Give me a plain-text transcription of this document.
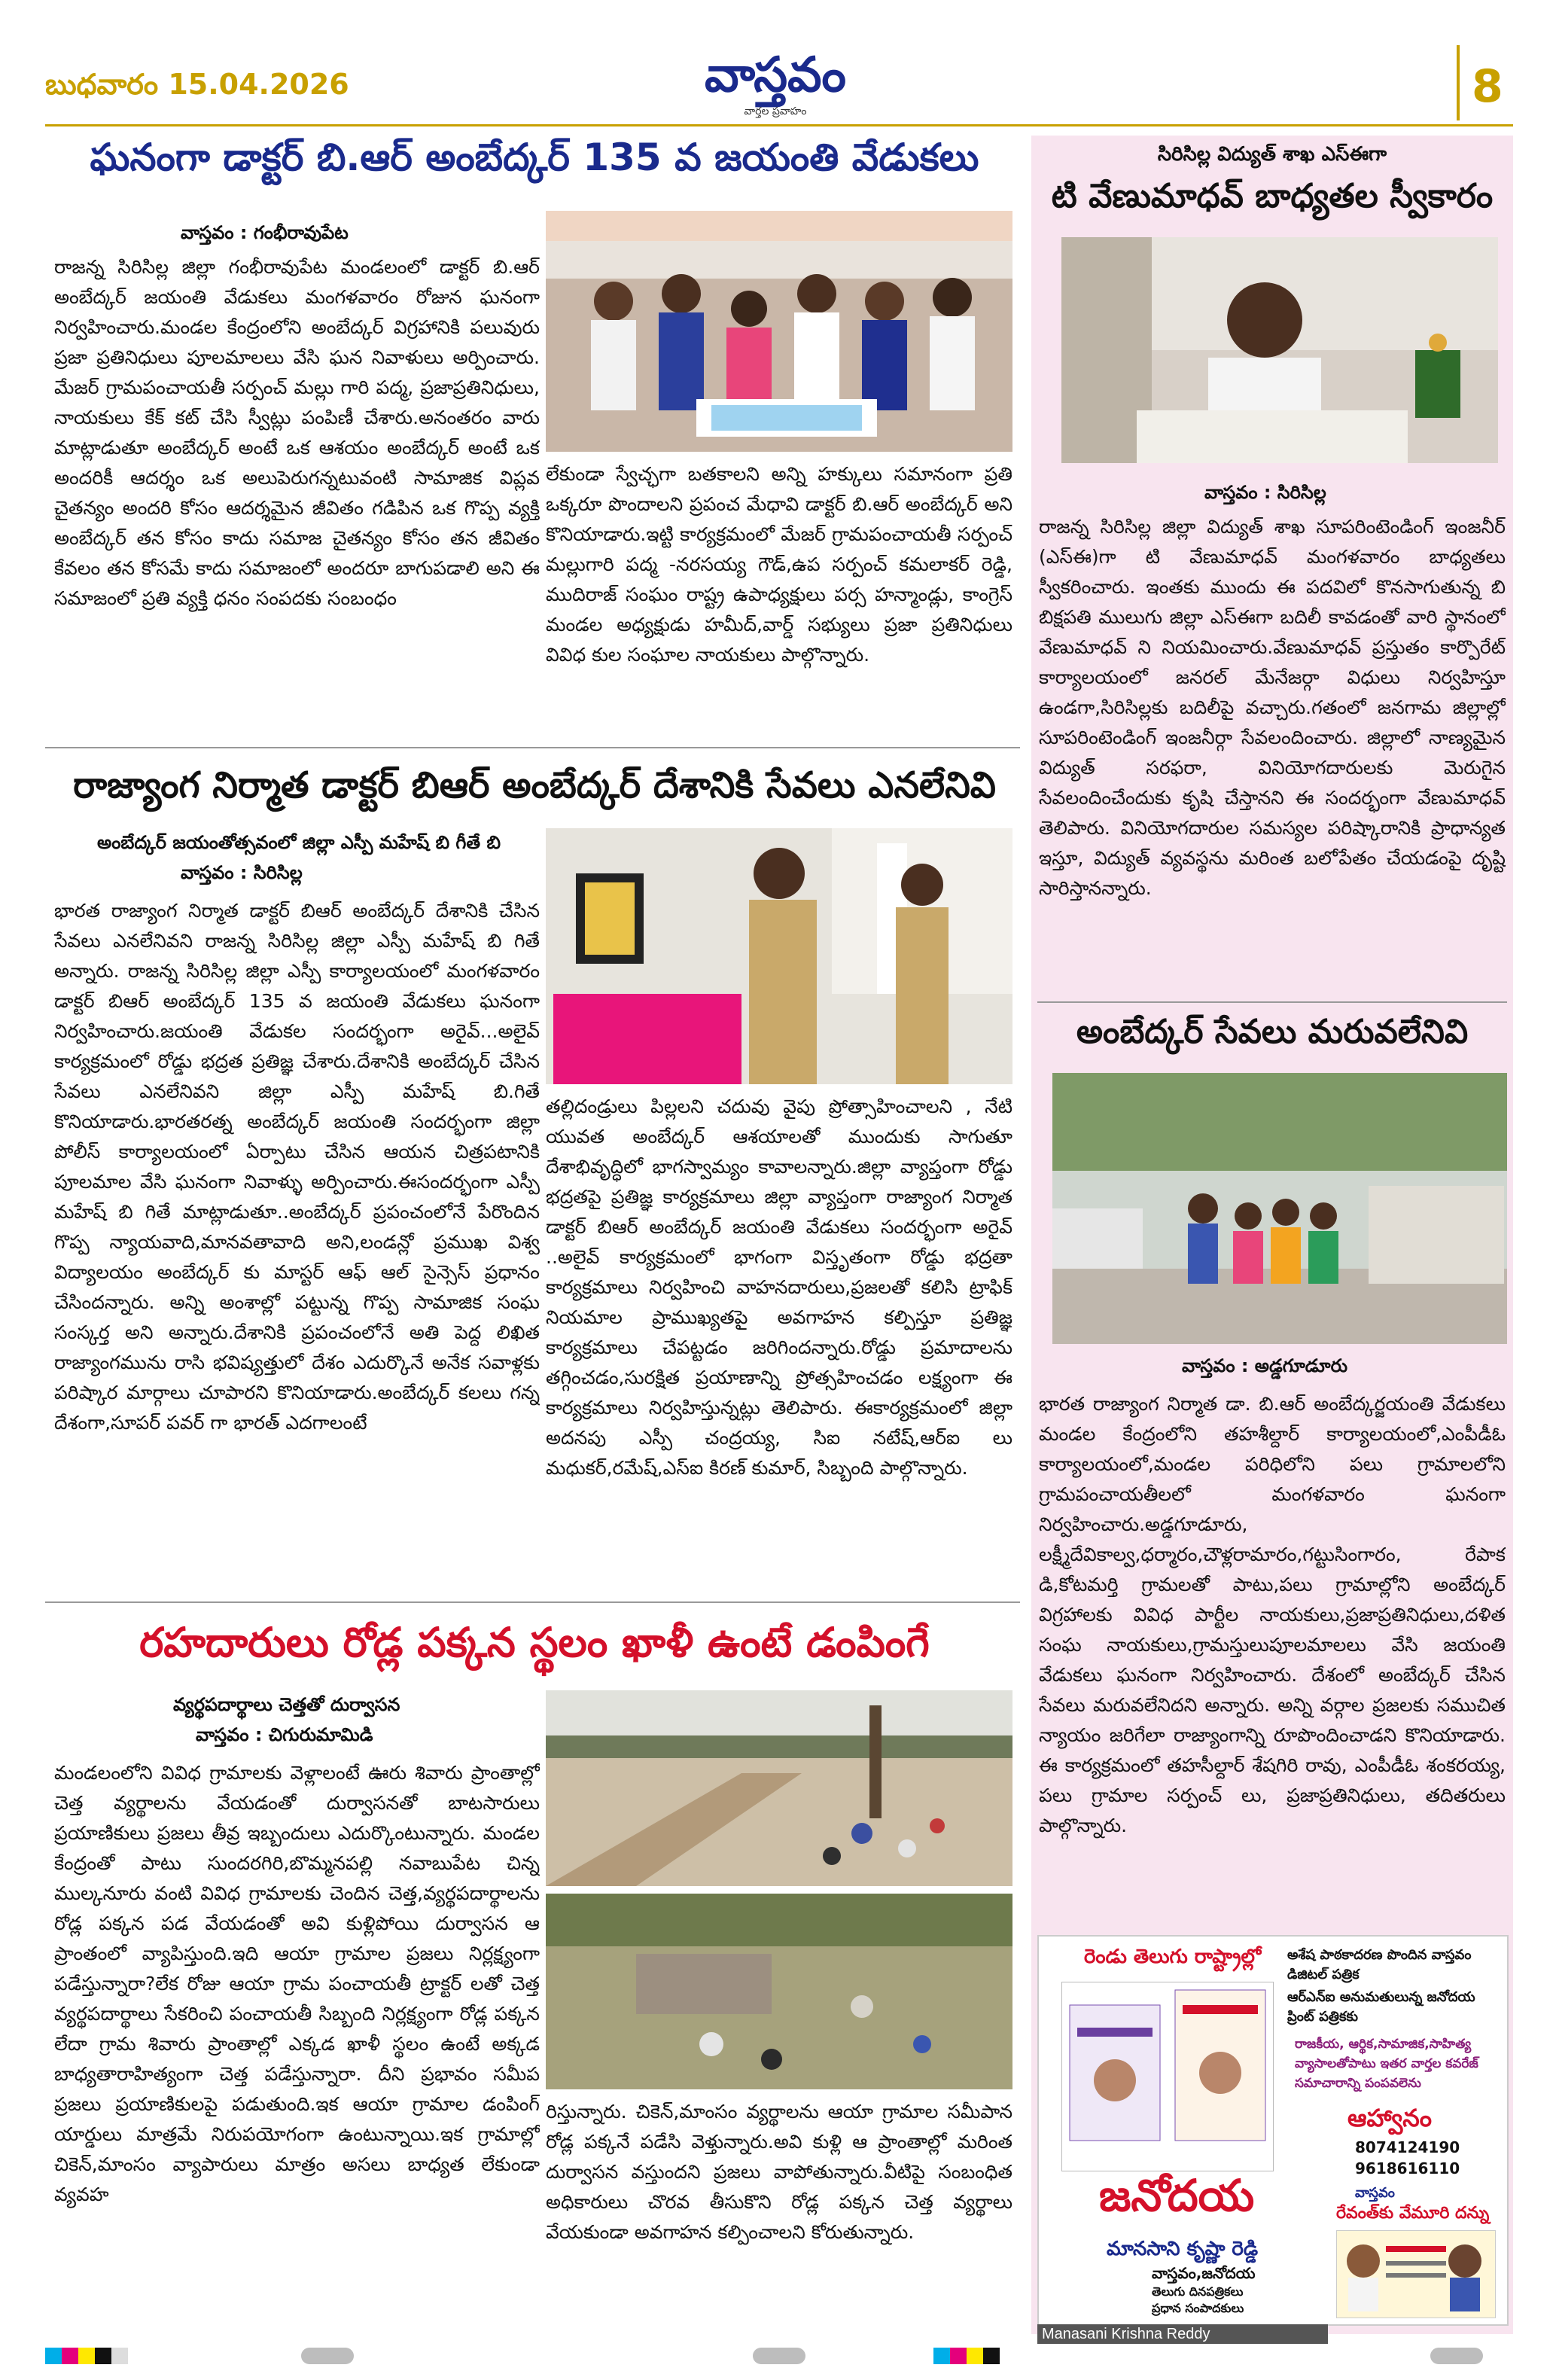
బుధవారం 15.04.2026	వాస్తవం
వార్తల ప్రవాహం	8
ఘనంగా డాక్టర్ బి.ఆర్ అంబేద్కర్ 135 వ జయంతి వేడుకలు
వాస్తవం : గంభీరావుపేట
రాజన్న సిరిసిల్ల జిల్లా గంభీరావుపేట మండలంలో డాక్టర్ బి.ఆర్ అంబేద్కర్ జయంతి వేడుకలు మంగళవారం రోజున ఘనంగా నిర్వహించారు.మండల కేంద్రంలోని అంబేద్కర్ విగ్రహానికి పలువురు ప్రజా ప్రతినిధులు పూలమాలలు వేసి ఘన నివాళులు అర్పించారు. మేజర్ గ్రామపంచాయతీ సర్పంచ్ మల్లు గారి పద్మ, ప్రజాప్రతినిధులు, నాయకులు కేక్ కట్ చేసి స్వీట్లు పంపిణీ చేశారు.అనంతరం వారు మాట్లాడుతూ అంబేద్కర్ అంటే ఒక ఆశయం అంబేద్కర్ అంటే ఒక అందరికీ ఆదర్శం ఒక అలుపెరుగన్నటువంటి సామాజిక విప్లవ చైతన్యం అందరి కోసం ఆదర్శమైన జీవితం గడిపిన ఒక గొప్ప వ్యక్తి అంబేద్కర్ తన కోసం కాదు సమాజ చైతన్యం కోసం తన జీవితం కేవలం తన కోసమే కాదు సమాజంలో అందరూ బాగుపడాలి అని ఈ సమాజంలో ప్రతి వ్యక్తి ధనం సంపదకు సంబంధం
లేకుండా స్వేచ్ఛగా బతకాలని అన్ని హక్కులు సమానంగా ప్రతి ఒక్కరూ పొందాలని ప్రపంచ మేధావి డాక్టర్ బి.ఆర్ అంబేద్కర్ అని కొనియాడారు.ఇట్టి కార్యక్రమంలో మేజర్ గ్రామపంచాయతీ సర్పంచ్ మల్లుగారి పద్మ -నరసయ్య గౌడ్,ఉప సర్పంచ్ కమలాకర్ రెడ్డి, ముదిరాజ్ సంఘం రాష్ట్ర ఉపాధ్యక్షులు పర్స హన్మాండ్లు, కాంగ్రెస్ మండల అధ్యక్షుడు హమీద్,వార్డ్ సభ్యులు ప్రజా ప్రతినిధులు వివిధ కుల సంఘాల నాయకులు పాల్గొన్నారు.
రాజ్యాంగ నిర్మాత డాక్టర్ బిఆర్ అంబేద్కర్ దేశానికి సేవలు ఎనలేనివి
అంబేద్కర్ జయంతోత్సవంలో జిల్లా ఎస్పీ మహేష్ బి గీతే బి
వాస్తవం : సిరిసిల్ల
భారత రాజ్యాంగ నిర్మాత డాక్టర్ బిఆర్ అంబేద్కర్ దేశానికి చేసిన సేవలు ఎనలేనివని రాజన్న సిరిసిల్ల జిల్లా ఎస్పీ మహేష్ బి గితే అన్నారు. రాజన్న సిరిసిల్ల జిల్లా ఎస్పీ కార్యాలయంలో మంగళవారం డాక్టర్ బిఆర్ అంబేద్కర్ 135 వ జయంతి వేడుకలు ఘనంగా నిర్వహించారు.జయంతి వేడుకల సందర్భంగా అరైవ్...అలైవ్ కార్యక్రమంలో రోడ్డు భద్రత ప్రతిజ్ఞ చేశారు.దేశానికి అంబేద్కర్ చేసిన సేవలు ఎనలేనివని జిల్లా ఎస్పీ మహేష్ బి.గితే కొనియాడారు.భారతరత్న అంబేద్కర్ జయంతి సందర్భంగా జిల్లా పోలీస్ కార్యాలయంలో ఏర్పాటు చేసిన ఆయన చిత్రపటానికి పూలమాల వేసి ఘనంగా నివాళ్ళు అర్పించారు.ఈసందర్భంగా ఎస్పీ మహేష్ బి గితే మాట్లాడుతూ..అంబేద్కర్ ప్రపంచంలోనే పేరొందిన గొప్ప న్యాయవాది,మానవతావాది అని,లండన్లో ప్రముఖ విశ్వ విద్యాలయం అంబేద్కర్ కు మాస్టర్ ఆఫ్ ఆల్ సైన్సెస్ ప్రధానం చేసిందన్నారు. అన్ని అంశాల్లో పట్టున్న గొప్ప సామాజిక సంఘ సంస్కర్త అని అన్నారు.దేశానికి ప్రపంచంలోనే అతి పెద్ద లిఖిత రాజ్యాంగమును రాసి భవిష్యత్తులో దేశం ఎదుర్కొనే అనేక సవాళ్లకు పరిష్కార మార్గాలు చూపారని కొనియాడారు.అంబేద్కర్ కలలు గన్న దేశంగా,సూపర్ పవర్ గా భారత్ ఎదగాలంటే
తల్లిదండ్రులు పిల్లలని చదువు వైపు ప్రోత్సాహించాలని , నేటి యువత అంబేద్కర్ ఆశయాలతో ముందుకు సాగుతూ దేశాభివృద్ధిలో భాగస్వామ్యం కావాలన్నారు.జిల్లా వ్యాప్తంగా రోడ్డు భద్రతపై ప్రతిజ్ఞ కార్యక్రమాలు జిల్లా వ్యాప్తంగా రాజ్యాంగ నిర్మాత డాక్టర్ బిఆర్ అంబేద్కర్ జయంతి వేడుకలు సందర్భంగా అరైవ్ ..అలైవ్ కార్యక్రమంలో భాగంగా విస్తృతంగా రోడ్డు భద్రతా కార్యక్రమాలు నిర్వహించి వాహనదారులు,ప్రజలతో కలిసి ట్రాఫిక్ నియమాల ప్రాముఖ్యతపై అవగాహన కల్పిస్తూ ప్రతిజ్ఞ కార్యక్రమాలు చేపట్టడం జరిగిందన్నారు.రోడ్డు ప్రమాదాలను తగ్గించడం,సురక్షిత ప్రయాణాన్ని ప్రోత్సహించడం లక్ష్యంగా ఈ కార్యక్రమాలు నిర్వహిస్తున్నట్లు తెలిపారు. ఈకార్యక్రమంలో జిల్లా అదనపు ఎస్పీ చంద్రయ్య, సిఐ నటేష్,ఆర్ఐ లు మధుకర్,రమేష్,ఎస్ఐ కిరణ్ కుమార్, సిబ్బంది పాల్గొన్నారు.
రహదారులు రోడ్ల పక్కన స్థలం ఖాళీ ఉంటే డంపింగే
వ్యర్థపదార్థాలు చెత్తతో దుర్వాసన
వాస్తవం : చిగురుమామిడి
మండలంలోని వివిధ గ్రామాలకు వెళ్లాలంటే ఊరు శివారు ప్రాంతాల్లో చెత్త వ్యర్థాలను వేయడంతో దుర్వాసనతో బాటసారులు ప్రయాణికులు ప్రజలు తీవ్ర ఇబ్బందులు ఎదుర్కొంటున్నారు. మండల కేంద్రంతో పాటు సుందరగిరి,బొమ్మనపల్లి నవాబుపేట చిన్న ముల్కనూరు వంటి వివిధ గ్రామాలకు చెందిన చెత్త,వ్యర్థపదార్థాలను రోడ్ల పక్కన పడ వేయడంతో అవి కుళ్లిపోయి దుర్వాసన ఆ ప్రాంతంలో వ్యాపిస్తుంది.ఇది ఆయా గ్రామాల ప్రజలు నిర్లక్ష్యంగా పడేస్తున్నారా?లేక రోజు ఆయా గ్రామ పంచాయతీ ట్రాక్టర్ లతో చెత్త వ్యర్థపదార్థాలు సేకరించి పంచాయతీ సిబ్బంది నిర్లక్ష్యంగా రోడ్ల పక్కన లేదా గ్రామ శివారు ప్రాంతాల్లో ఎక్కడ ఖాళీ స్థలం ఉంటే అక్కడ బాధ్యతారాహిత్యంగా చెత్త పడేస్తున్నారా. దీని ప్రభావం సమీప ప్రజలు ప్రయాణికులపై పడుతుంది.ఇక ఆయా గ్రామాల డంపింగ్ యార్డులు మాత్రమే నిరుపయోగంగా ఉంటున్నాయి.ఇక గ్రామాల్లో చికెన్,మాంసం వ్యాపారులు మాత్రం అసలు బాధ్యత లేకుండా వ్యవహ
రిస్తున్నారు. చికెన్,మాంసం వ్యర్థాలను ఆయా గ్రామాల సమీపాన రోడ్ల పక్కనే పడేసి వెళ్తున్నారు.అవి కుళ్లి ఆ ప్రాంతాల్లో మరింత దుర్వాసన వస్తుందని ప్రజలు వాపోతున్నారు.వీటిపై సంబంధిత అధికారులు చొరవ తీసుకొని రోడ్ల పక్కన చెత్త వ్యర్థాలు వేయకుండా అవగాహన కల్పించాలని కోరుతున్నారు.
సిరిసిల్ల విద్యుత్ శాఖ ఎస్ఈగా
టి వేణుమాధవ్ బాధ్యతల స్వీకారం
వాస్తవం : సిరిసిల్ల
రాజన్న సిరిసిల్ల జిల్లా విద్యుత్ శాఖ సూపరింటెండింగ్ ఇంజనీర్ (ఎస్ఈ)గా టి వేణుమాధవ్ మంగళవారం బాధ్యతలు స్వీకరించారు. ఇంతకు ముందు ఈ పదవిలో కొనసాగుతున్న బి బిక్షపతి ములుగు జిల్లా ఎస్ఈగా బదిలీ కావడంతో వారి స్థానంలో వేణుమాధవ్ ని నియమించారు.వేణుమాధవ్ ప్రస్తుతం కార్పొరేట్ కార్యాలయంలో జనరల్ మేనేజర్గా విధులు నిర్వహిస్తూ ఉండగా,సిరిసిల్లకు బదిలీపై వచ్చారు.గతంలో జనగామ జిల్లాల్లో సూపరింటెండింగ్ ఇంజనీర్గా సేవలందించారు. జిల్లాలో నాణ్యమైన విద్యుత్ సరఫరా, వినియోగదారులకు మెరుగైన సేవలందించేందుకు కృషి చేస్తానని ఈ సందర్భంగా వేణుమాధవ్ తెలిపారు. వినియోగదారుల సమస్యల పరిష్కారానికి ప్రాధాన్యత ఇస్తూ, విద్యుత్ వ్యవస్థను మరింత బలోపేతం చేయడంపై దృష్టి సారిస్తానన్నారు.
అంబేద్కర్ సేవలు మరువలేనివి
వాస్తవం : అడ్డగూడూరు
భారత రాజ్యాంగ నిర్మాత డా. బి.ఆర్ అంబేద్కర్జయంతి వేడుకలు మండల కేంద్రంలోని తహశీల్దార్ కార్యాలయంలో,ఎంపీడీఓ కార్యాలయంలో,మండల పరిధిలోని పలు గ్రామాలలోని గ్రామపంచాయతీలలో మంగళవారం ఘనంగా నిర్వహించారు.అడ్డగూడూరు, లక్ష్మీదేవికాల్వ,ధర్మారం,చౌళ్లరామారం,గట్టుసింగారం, రేపాక డి,కోటమర్తి గ్రామలతో పాటు,పలు గ్రామాల్లోని అంబేద్కర్ విగ్రహాలకు వివిధ పార్టీల నాయకులు,ప్రజాప్రతినిధులు,దళిత సంఘ నాయకులు,గ్రామస్తులుపూలమాలలు వేసి జయంతి వేడుకలు ఘనంగా నిర్వహించారు. దేశంలో అంబేద్కర్ చేసిన సేవలు మరువలేనిదని అన్నారు. అన్ని వర్గాల ప్రజలకు సముచిత న్యాయం జరిగేలా రాజ్యాంగాన్ని రూపొందించాడని కొనియాడారు. ఈ కార్యక్రమంలో తహసీల్దార్ శేషగిరి రావు, ఎంపీడీఓ శంకరయ్య, పలు గ్రామాల సర్పంచ్ లు, ప్రజాప్రతినిధులు, తదితరులు పాల్గొన్నారు.
రెండు తెలుగు రాష్ట్రాల్లో అశేష పాఠకాదరణ పొందిన వాస్తవం డిజిటల్ పత్రిక
ఆర్ఎన్ఐ అనుమతులున్న జనోదయ ప్రింట్ పత్రికకు
రాజకీయ, ఆర్థిక,సామాజిక,సాహిత్య వ్యాసాలతోపాటు ఇతర వార్తల కవరేజ్ సమాచారాన్ని పంపవలెను
జనోదయ
ఆహ్వానం
8074124190
9618616110
వాస్తవం
రేవంత్‌కు వేమూరి దన్ను
మానసాని కృష్ణా రెడ్డి
వాస్తవం,జనోదయ
తెలుగు దినపత్రికలు
ప్రధాన సంపాదకులు
Manasani Krishna Reddy
